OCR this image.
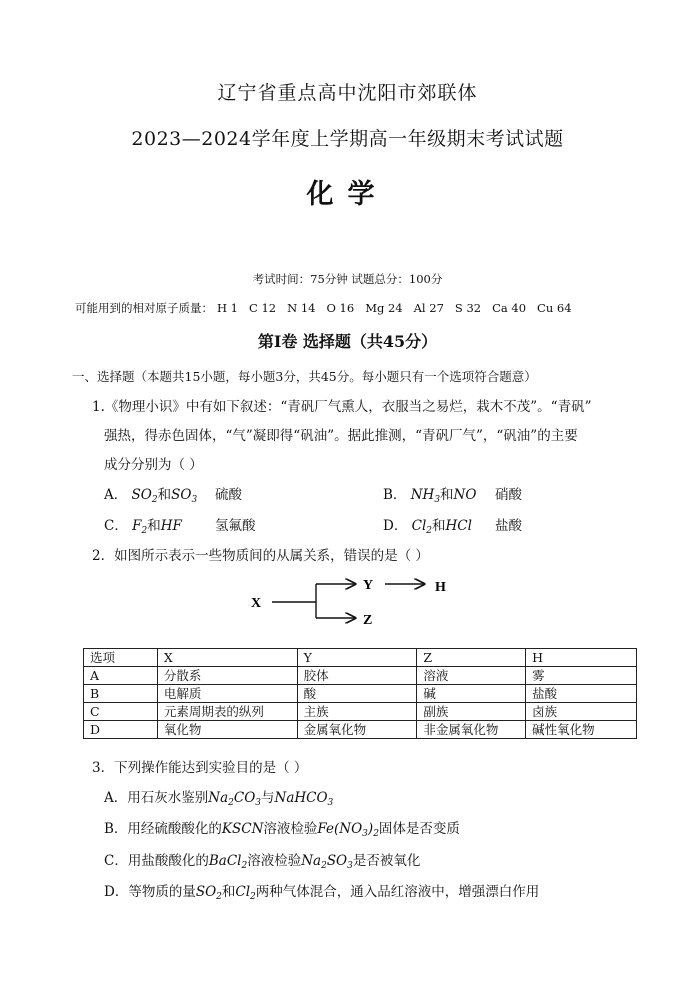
辽宁省重点高中沈阳市郊联体
2023—2024学年度上学期高一年级期末考试试题
化学
考试时间：75分钟 试题总分：100分
可能用到的相对原子质量： H 1 C 12 N 14 O 16 Mg 24 Al 27 S 32 Ca 40 Cu 64
第Ⅰ卷 选择题（共45分）
一、选择题（本题共15小题，每小题3分，共45分。每小题只有一个选项符合题意）
1.《物理小识》中有如下叙述：“青矾厂气熏人，衣服当之易烂，栽木不茂”。“青矾”
强热，得赤色固体，“气”凝即得“矾油”。据此推测，“青矾厂气”，“矾油”的主要
成分分别为（ ）
A． $SO_2$和$SO_3$ 硫酸	B． $NH_3$和NO 硝酸
C． $F_2$和HF 氢氟酸	D． $Cl_2$和HCl 盐酸
2．如图所示表示一些物质间的从属关系，错误的是（ ）
X
Y	H
Z
选项	X	Y	Z	H
A	分散系	胶体	溶液	雾
B	电解质	酸	碱	盐酸
C	元素周期表的纵列	主族	副族	卤族
D	氧化物	金属氧化物	非金属氧化物	碱性氧化物
3．下列操作能达到实验目的是（ ）
A．用石灰水鉴别$Na_2CO_3$与NaHCO$_3$
B．用经硫酸酸化的KSCN溶液检验$Fe(NO_3)_2$固体是否变质
C．用盐酸酸化的BaCl$_2$溶液检验$Na_2SO_3$是否被氧化
D．等物质的量$SO_2$和$Cl_2$两种气体混合，通入品红溶液中，增强漂白作用
